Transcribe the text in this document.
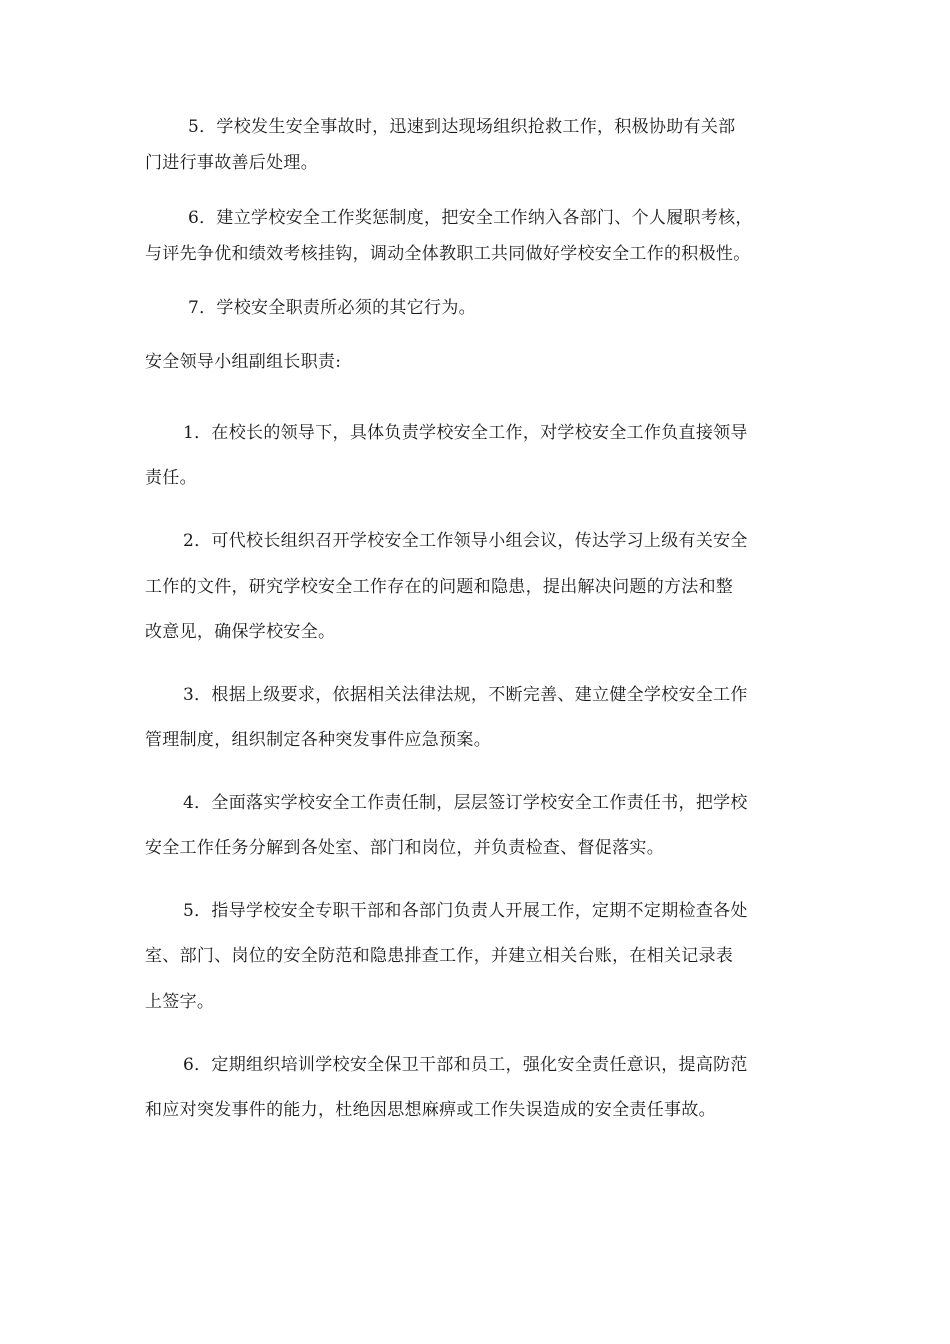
5．学校发生安全事故时，迅速到达现场组织抢救工作，积极协助有关部
门进行事故善后处理。
6．建立学校安全工作奖惩制度，把安全工作纳入各部门、个人履职考核，
与评先争优和绩效考核挂钩，调动全体教职工共同做好学校安全工作的积极性。
7．学校安全职责所必须的其它行为。
安全领导小组副组长职责:
1．在校长的领导下，具体负责学校安全工作，对学校安全工作负直接领导
责任。
2．可代校长组织召开学校安全工作领导小组会议，传达学习上级有关安全
工作的文件，研究学校安全工作存在的问题和隐患，提出解决问题的方法和整
改意见，确保学校安全。
3．根据上级要求，依据相关法律法规，不断完善、建立健全学校安全工作
管理制度，组织制定各种突发事件应急预案。
4．全面落实学校安全工作责任制，层层签订学校安全工作责任书，把学校
安全工作任务分解到各处室、部门和岗位，并负责检查、督促落实。
5．指导学校安全专职干部和各部门负责人开展工作，定期不定期检查各处
室、部门、岗位的安全防范和隐患排查工作，并建立相关台账，在相关记录表
上签字。
6．定期组织培训学校安全保卫干部和员工，强化安全责任意识，提高防范
和应对突发事件的能力，杜绝因思想麻痹或工作失误造成的安全责任事故。
